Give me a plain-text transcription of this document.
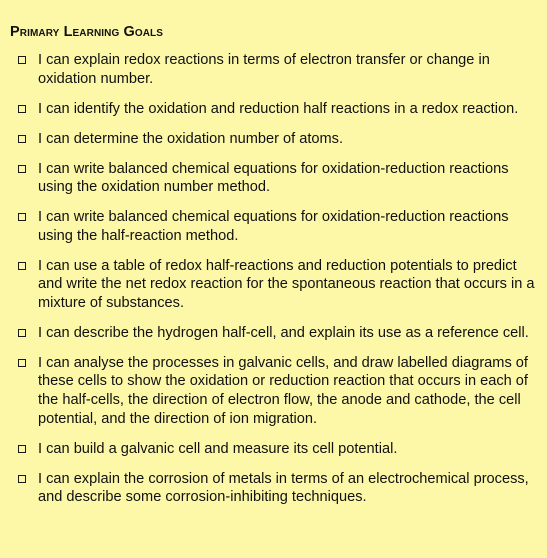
Primary Learning Goals
I can explain redox reactions in terms of electron transfer or change in oxidation number.
I can identify the oxidation and reduction half reactions in a redox reaction.
I can determine the oxidation number of atoms.
I can write balanced chemical equations for oxidation-reduction reactions using the oxidation number method.
I can write balanced chemical equations for oxidation-reduction reactions using the half-reaction method.
I can use a table of redox half-reactions and reduction potentials to predict and write the net redox reaction for the spontaneous reaction that occurs in a mixture of substances.
I can describe the hydrogen half-cell, and explain its use as a reference cell.
I can analyse the processes in galvanic cells, and draw labelled diagrams of these cells to show the oxidation or reduction reaction that occurs in each of the half-cells, the direction of electron flow, the anode and cathode, the cell potential, and the direction of ion migration.
I can build a galvanic cell and measure its cell potential.
I can explain the corrosion of metals in terms of an electrochemical process, and describe some corrosion-inhibiting techniques.
